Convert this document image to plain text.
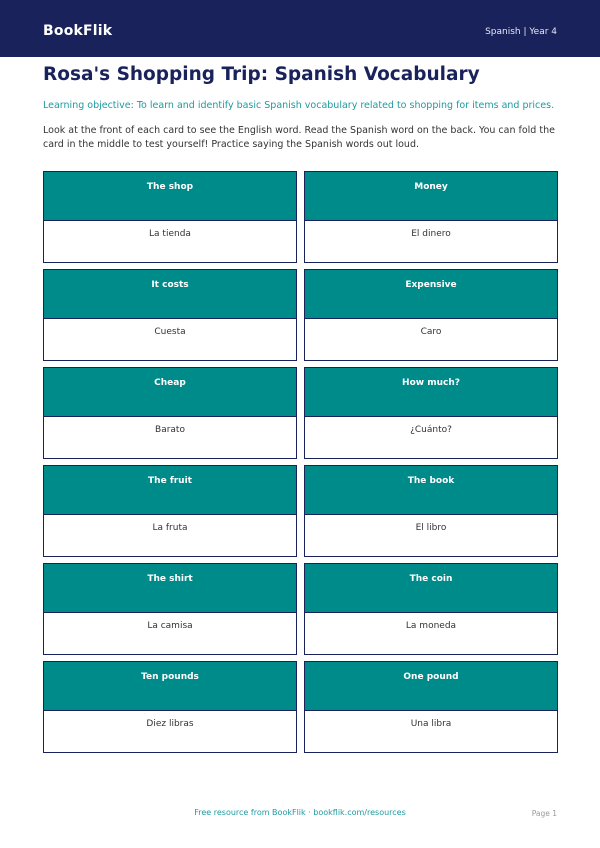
BookFlik	Spanish | Year 4
Rosa's Shopping Trip: Spanish Vocabulary

Learning objective: To learn and identify basic Spanish vocabulary related to shopping for items and prices.

Look at the front of each card to see the English word. Read the Spanish word on the back. You can fold the card in the middle to test yourself! Practice saying the Spanish words out loud.

The shop
La tienda
Money
El dinero
It costs
Cuesta
Expensive
Caro
Cheap
Barato
How much?
¿Cuánto?
The fruit
La fruta
The book
El libro
The shirt
La camisa
The coin
La moneda
Ten pounds
Diez libras
One pound
Una libra
Free resource from BookFlik · bookflik.com/resources	Page 1
